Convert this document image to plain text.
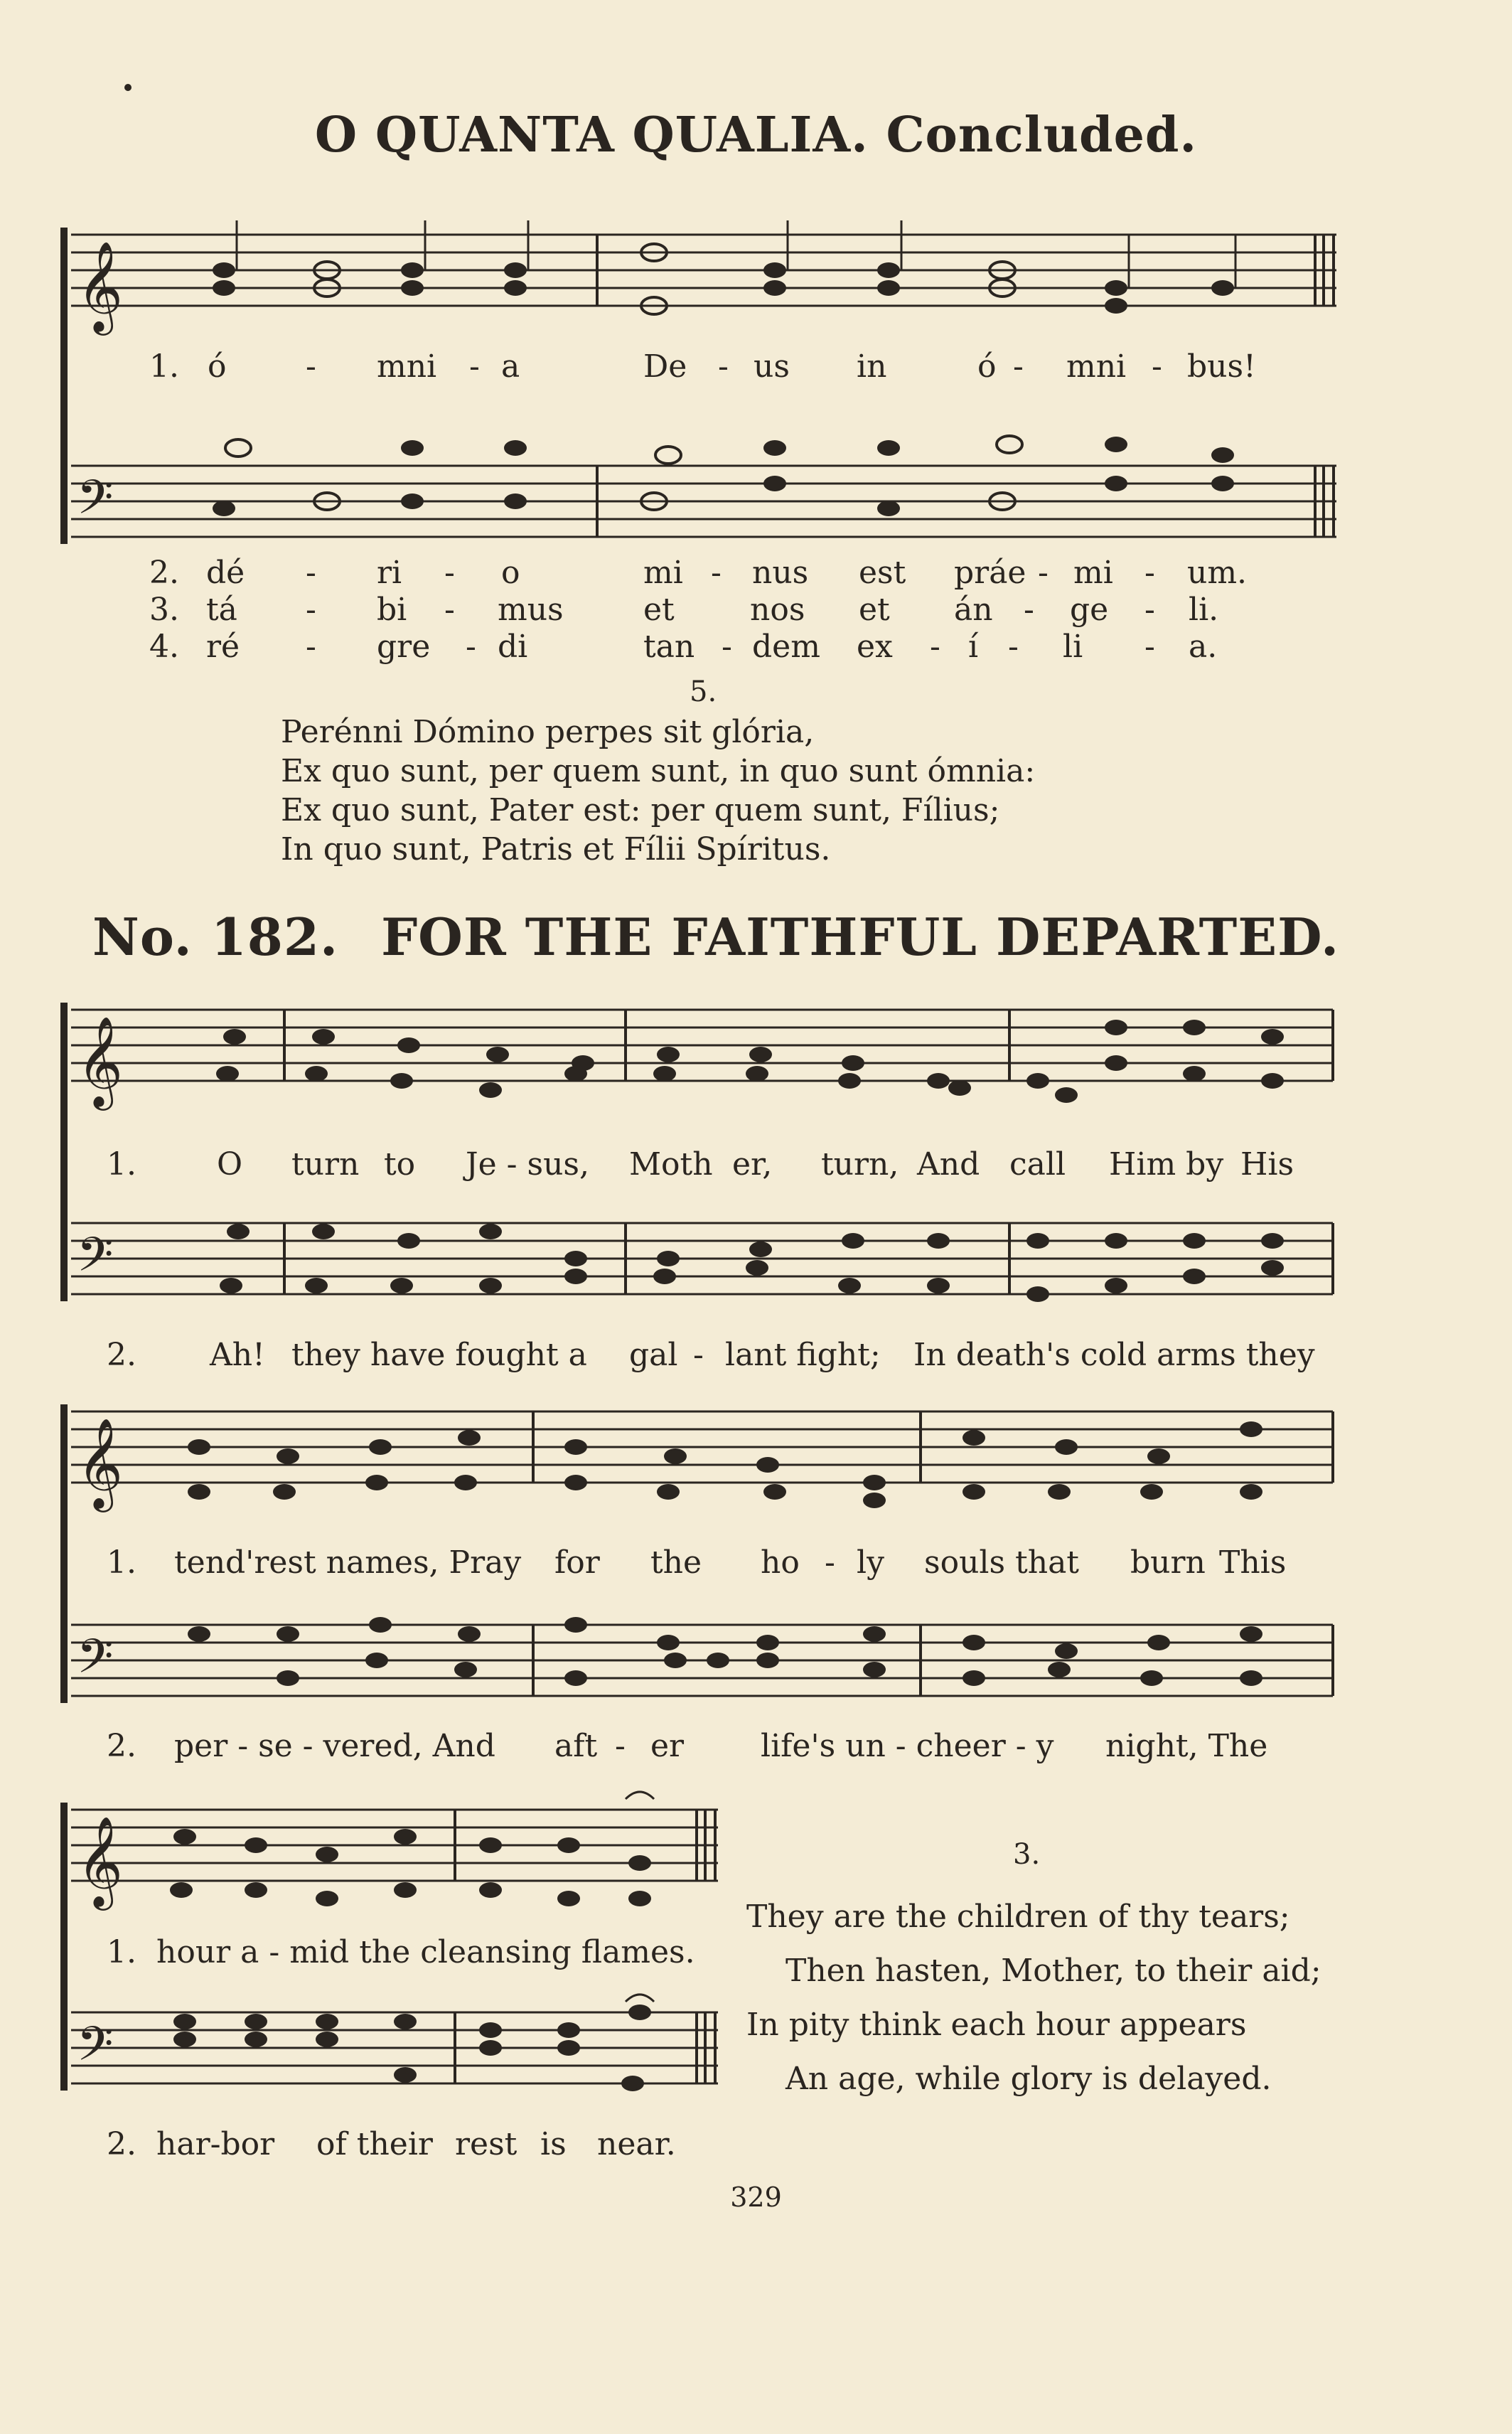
O QUANTA QUALIA. Concluded.
𝄞
𝄢
𝄞
𝄢
𝄞
𝄢
𝄞
𝄢
1. ó	- mni - a	De - us in	ó - mni - bus!
2. dé - ri - o	mi - nus est práe - mi - um.
3. tá - bi - mus	et nos et án - ge - li.
4. ré - gre - di	tan - dem ex - í - li - a.
5.
Perénni Dómino perpes sit glória,
Ex quo sunt, per quem sunt, in quo sunt ómnia:
Ex quo sunt, Pater est: per quem sunt, Fílius;
In quo sunt, Patris et Fílii Spíritus.
No. 182. FOR THE FAITHFUL DEPARTED.
1.	O turn to Je - sus, Moth er, turn, And call Him by His
2. Ah! they have fought a gal - lant fight; In death's cold arms they
1. tend'rest names, Pray for the ho - ly souls that burn This
2. per - se - vered, And aft - er life's un - cheer - y night, The
1. hour a - mid the cleansing flames.
2. har-bor of their rest is near.
3.
They are the children of thy tears;
Then hasten, Mother, to their aid;
In pity think each hour appears
An age, while glory is delayed.
329
